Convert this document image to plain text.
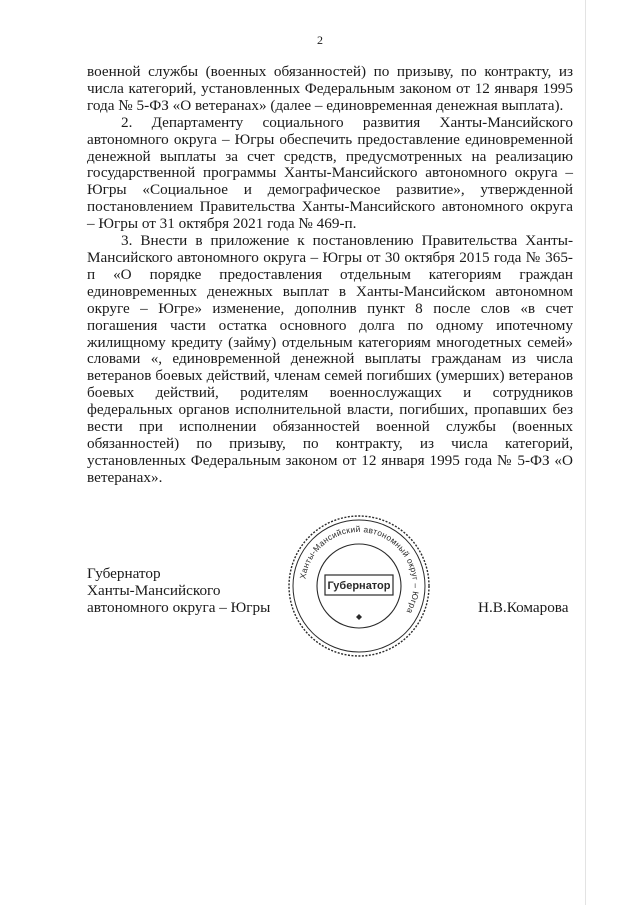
2

военной службы (военных обязанностей) по призыву, по контракту, из числа категорий, установленных Федеральным законом от 12 января 1995 года № 5-ФЗ «О ветеранах» (далее – единовременная денежная выплата).

2. Департаменту социального развития Ханты-Мансийского автономного округа – Югры обеспечить предоставление единовременной денежной выплаты за счет средств, предусмотренных на реализацию государственной программы Ханты-Мансийского автономного округа – Югры «Социальное и демографическое развитие», утвержденной постановлением Правительства Ханты-Мансийского автономного округа – Югры от 31 октября 2021 года № 469-п.

3. Внести в приложение к постановлению Правительства Ханты-Мансийского автономного округа – Югры от 30 октября 2015 года № 365-п «О порядке предоставления отдельным категориям граждан единовременных денежных выплат в Ханты-Мансийском автономном округе – Югре» изменение, дополнив пункт 8 после слов «в счет погашения части остатка основного долга по одному ипотечному жилищному кредиту (займу) отдельным категориям многодетных семей» словами «, единовременной денежной выплаты гражданам из числа ветеранов боевых действий, членам семей погибших (умерших) ветеранов боевых действий, родителям военнослужащих и сотрудников федеральных органов исполнительной власти, погибших, пропавших без вести при исполнении обязанностей военной службы (военных обязанностей) по призыву, по контракту, из числа категорий, установленных Федеральным законом от 12 января 1995 года № 5-ФЗ «О ветеранах».

Губернатор
Ханты-Мансийского
автономного округа – Югры
Ханты-Мансийский автономный округ – Югра
Губернатор
Н.В.Комарова
